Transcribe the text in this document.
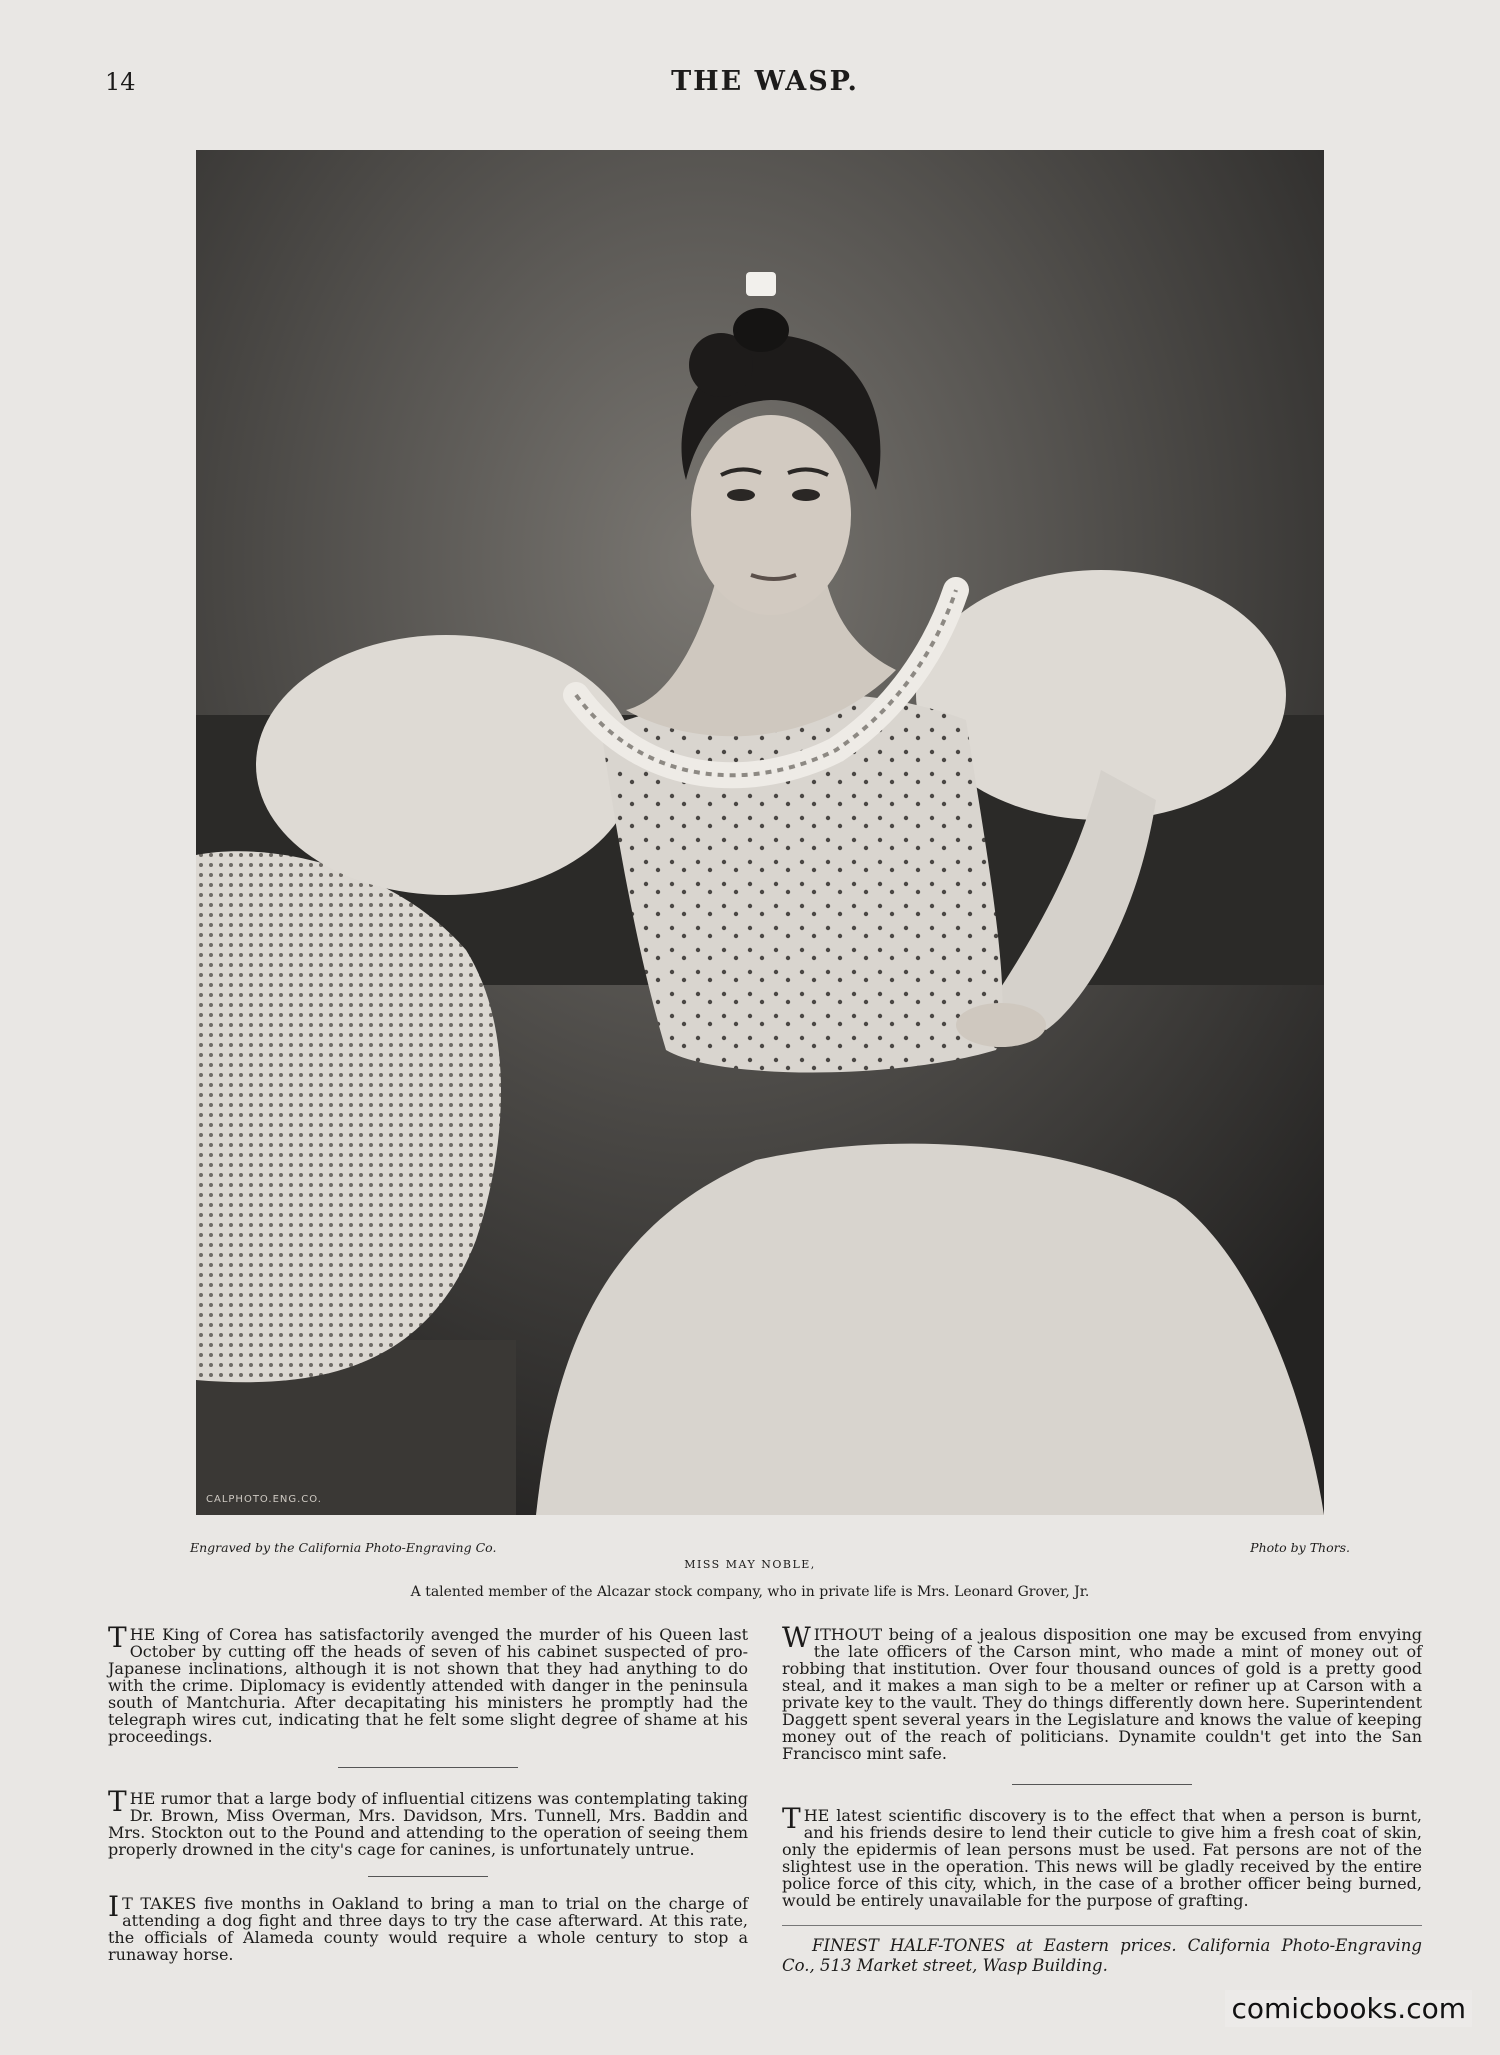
14	THE WASP.
CALPHOTO.ENG.CO.
Engraved by the California Photo-Engraving Co.	Photo by Thors.
MISS MAY NOBLE,
A talented member of the Alcazar stock company, who in private life is Mrs. Leonard Grover, Jr.

THE King of Corea has satisfactorily avenged the murder of his Queen last October by cutting off the heads of seven of his cabinet suspected of pro-Japanese inclinations, although it is not shown that they had anything to do with the crime. Diplomacy is evidently attended with danger in the peninsula south of Mantchuria. After decapitating his ministers he promptly had the telegraph wires cut, indicating that he felt some slight degree of shame at his proceedings.

THE rumor that a large body of influential citizens was contemplating taking Dr. Brown, Miss Overman, Mrs. Davidson, Mrs. Tunnell, Mrs. Baddin and Mrs. Stockton out to the Pound and attending to the operation of seeing them properly drowned in the city's cage for canines, is unfortunately untrue.

I T TAKES five months in Oakland to bring a man to trial on the charge of attending a dog fight and three days to try the case afterward. At this rate, the officials of Alameda county would require a whole century to stop a runaway horse.

WITHOUT being of a jealous disposition one may be excused from envying the late officers of the Carson mint, who made a mint of money out of robbing that institution. Over four thousand ounces of gold is a pretty good steal, and it makes a man sigh to be a melter or refiner up at Carson with a private key to the vault. They do things differently down here. Superintendent Daggett spent several years in the Legislature and knows the value of keeping money out of the reach of politicians. Dynamite couldn't get into the San Francisco mint safe.

THE latest scientific discovery is to the effect that when a person is burnt, and his friends desire to lend their cuticle to give him a fresh coat of skin, only the epidermis of lean persons must be used. Fat persons are not of the slightest use in the operation. This news will be gladly received by the entire police force of this city, which, in the case of a brother officer being burned, would be entirely unavailable for the purpose of grafting.

FINEST HALF-TONES at Eastern prices. California Photo-Engraving Co., 513 Market street, Wasp Building.
comicbooks.com
